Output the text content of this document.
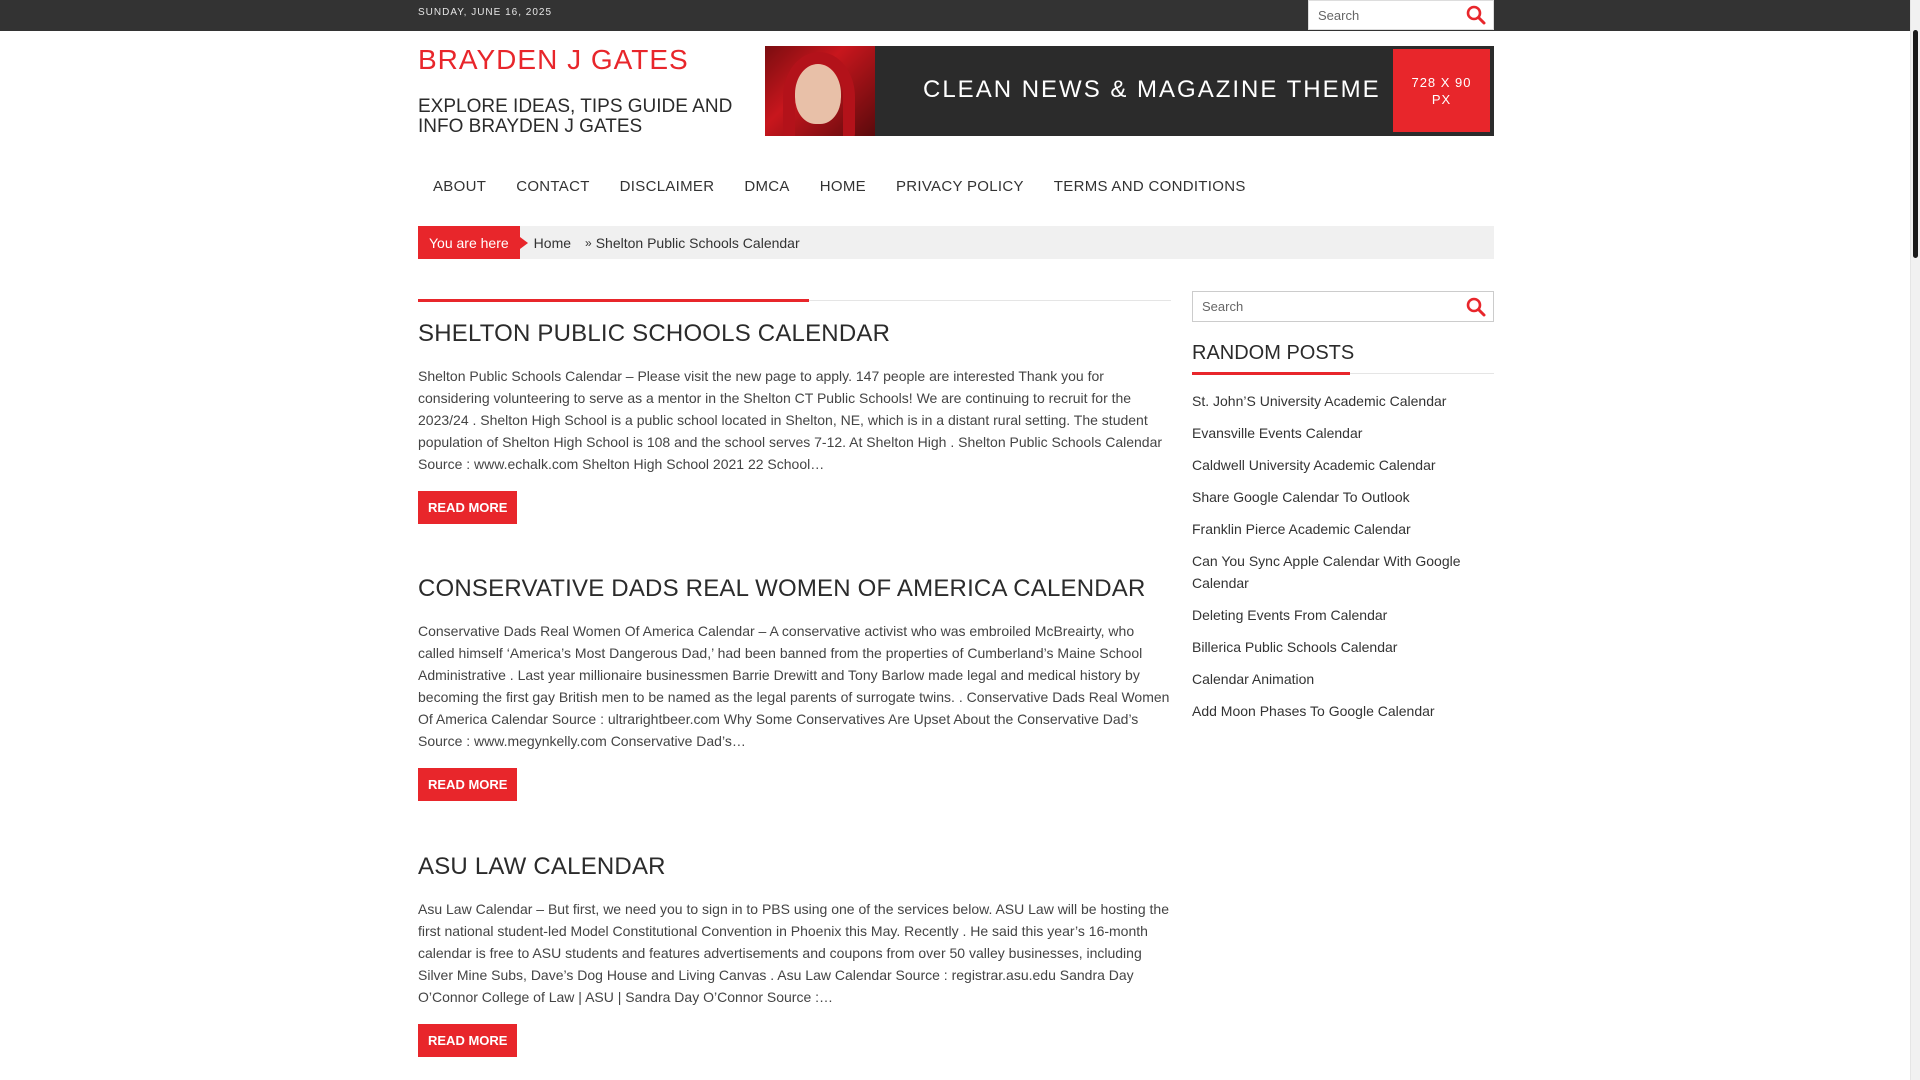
SUNDAY, JUNE 16, 2025
Search
BRAYDEN J GATES
EXPLORE IDEAS, TIPS GUIDE AND INFO BRAYDEN J GATES
CLEAN NEWS & MAGAZINE THEME	728 X 90 PX
ABOUT	CONTACT	DISCLAIMER	DMCA	HOME	PRIVACY POLICY	TERMS AND CONDITIONS
You are here	Home » Shelton Public Schools Calendar
SHELTON PUBLIC SCHOOLS CALENDAR

Shelton Public Schools Calendar – Please visit the new page to apply. 147 people are interested Thank you for considering volunteering to serve as a mentor in the Shelton CT Public Schools! We are continuing to recruit for the 2023/24 . Shelton High School is a public school located in Shelton, NE, which is in a distant rural setting. The student population of Shelton High School is 108 and the school serves 7-12. At Shelton High . Shelton Public Schools Calendar Source : www.echalk.com Shelton High School 2021 22 School…

READ MORE
CONSERVATIVE DADS REAL WOMEN OF AMERICA CALENDAR

Conservative Dads Real Women Of America Calendar – A conservative activist who was embroiled McBreairty, who called himself ‘America’s Most Dangerous Dad,’ had been banned from the properties of Cumberland’s Maine School Administrative . Last year millionaire businessmen Barrie Drewitt and Tony Barlow made legal and medical history by becoming the first gay British men to be named as the legal parents of surrogate twins. . Conservative Dads Real Women Of America Calendar Source : ultrarightbeer.com Why Some Conservatives Are Upset About the Conservative Dad’s Source : www.megynkelly.com Conservative Dad’s…

READ MORE
ASU LAW CALENDAR

Asu Law Calendar – But first, we need you to sign in to PBS using one of the services below. ASU Law will be hosting the first national student-led Model Constitutional Convention in Phoenix this May. Recently . He said this year’s 16-month calendar is free to ASU students and features advertisements and coupons from over 50 valley businesses, including Silver Mine Subs, Dave’s Dog House and Living Canvas . Asu Law Calendar Source : registrar.asu.edu Sandra Day O’Connor College of Law | ASU | Sandra Day O’Connor Source :…

READ MORE
Search
RANDOM POSTS
St. John’S University Academic Calendar
Evansville Events Calendar
Caldwell University Academic Calendar
Share Google Calendar To Outlook
Franklin Pierce Academic Calendar
Can You Sync Apple Calendar With Google Calendar
Deleting Events From Calendar
Billerica Public Schools Calendar
Calendar Animation
Add Moon Phases To Google Calendar
